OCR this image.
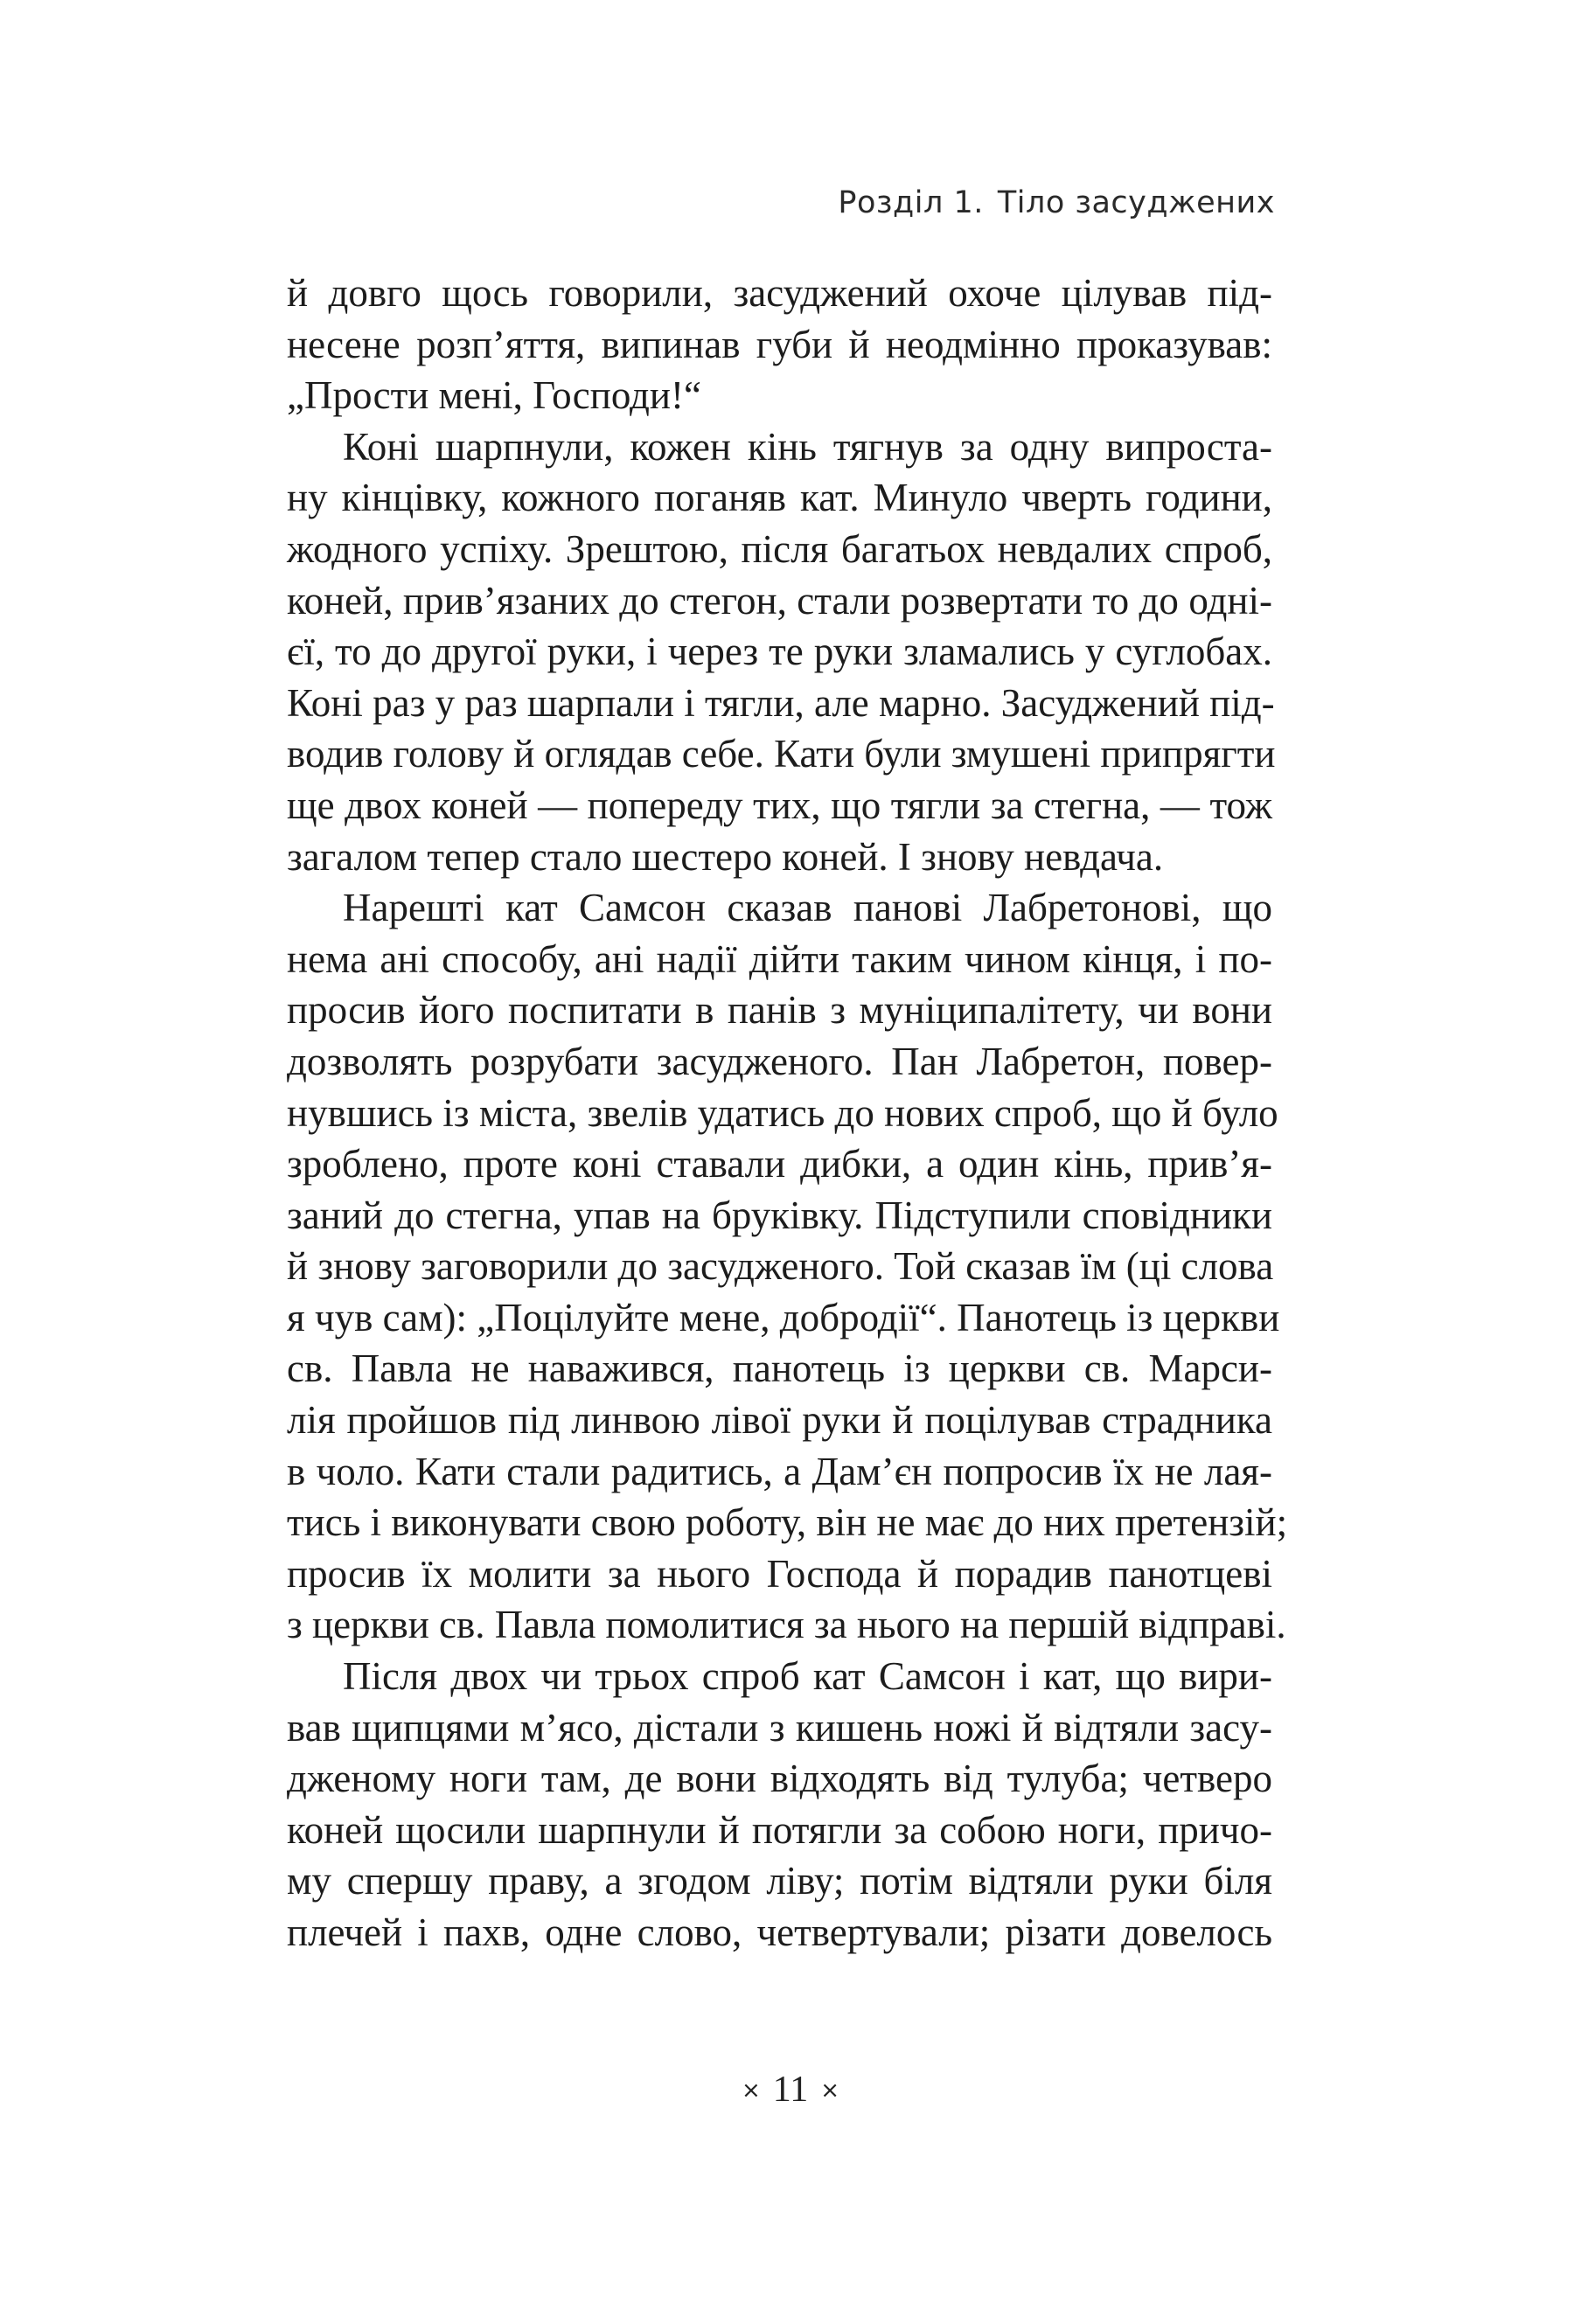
Розділ 1. Тіло засуджених
й довго щось говорили, засуджений охоче цілував під-
несене розп’яття, випинав губи й неодмінно проказував:
„Прости мені, Господи!“
Коні шарпнули, кожен кінь тягнув за одну випроста-
ну кінцівку, кожного поганяв кат. Минуло чверть години,
жодного успіху. Зрештою, після багатьох невдалих спроб,
коней, прив’язаних до стегон, стали розвертати то до одні-
єї, то до другої руки, і через те руки зламались у суглобах.
Коні раз у раз шарпали і тягли, але марно. Засуджений під-
водив голову й оглядав себе. Кати були змушені припрягти
ще двох коней — попереду тих, що тягли за стегна, — тож
загалом тепер стало шестеро коней. І знову невдача.
Нарешті кат Самсон сказав панові Лабретонові, що
нема ані способу, ані надії дійти таким чином кінця, і по-
просив його поспитати в панів з муніципалітету, чи вони
дозволять розрубати засудженого. Пан Лабретон, повер-
нувшись із міста, звелів удатись до нових спроб, що й було
зроблено, проте коні ставали дибки, а один кінь, прив’я-
заний до стегна, упав на бруківку. Підступили сповідники
й знову заговорили до засудженого. Той сказав їм (ці слова
я чув сам): „Поцілуйте мене, добродії“. Панотець із церкви
св. Павла не наважився, панотець із церкви св. Марси-
лія пройшов під линвою лівої руки й поцілував страдника
в чоло. Кати стали радитись, а Дам’єн попросив їх не лая-
тись і виконувати свою роботу, він не має до них претензій;
просив їх молити за нього Господа й порадив панотцеві
з церкви св. Павла помолитися за нього на першій відправі.
Після двох чи трьох спроб кат Самсон і кат, що вири-
вав щипцями м’ясо, дістали з кишень ножі й відтяли засу-
дженому ноги там, де вони відходять від тулуба; четверо
коней щосили шарпнули й потягли за собою ноги, причо-
му спершу праву, а згодом ліву; потім відтяли руки біля
плечей і пахв, одне слово, четвертували; різати довелось
× 11 ×
